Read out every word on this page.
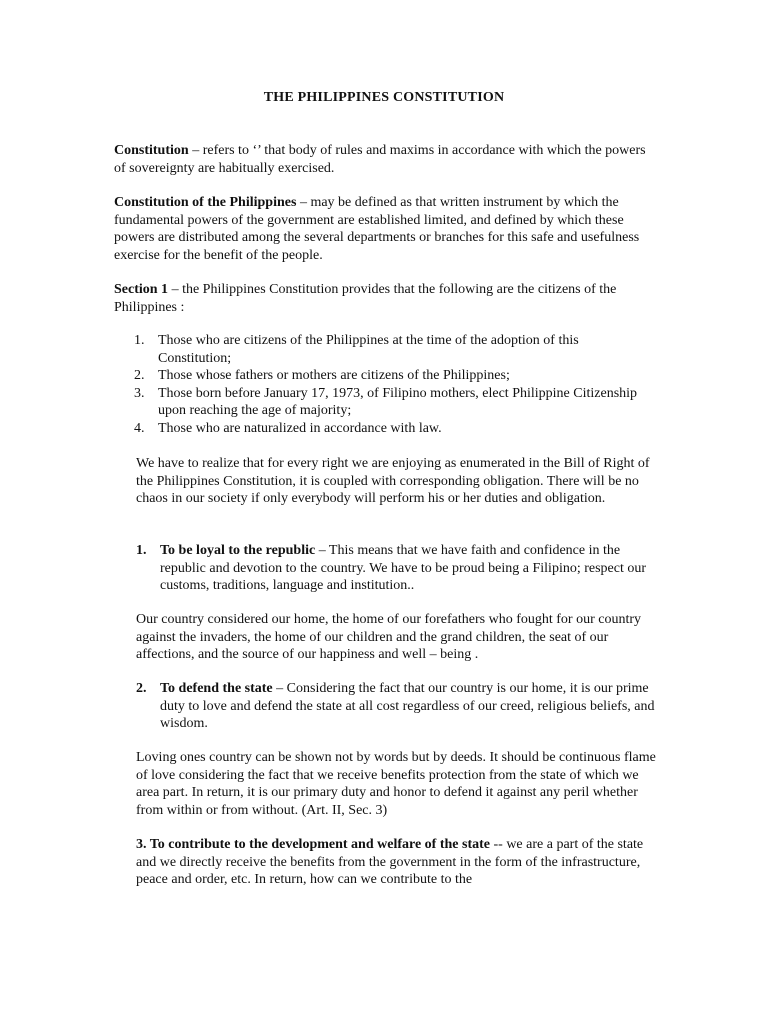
THE PHILIPPINES CONSTITUTION

Constitution – refers to ‘’ that body of rules and maxims in accordance with which the powers of sovereignty are habitually exercised.

Constitution of the Philippines – may be defined as that written instrument by which the fundamental powers of the government are established limited, and defined by which these powers are distributed among the several departments or branches for this safe and usefulness exercise for the benefit of the people.

Section 1 – the Philippines Constitution provides that the following are the citizens of the Philippines :

1. Those who are citizens of the Philippines at the time of the adoption of this Constitution;
2. Those whose fathers or mothers are citizens of the Philippines;
3. Those born before January 17, 1973, of Filipino mothers, elect Philippine Citizenship upon reaching the age of majority;
4. Those who are naturalized in accordance with law.

We have to realize that for every right we are enjoying as enumerated in the Bill of Right of the Philippines Constitution, it is coupled with corresponding obligation. There will be no chaos in our society if only everybody will perform his or her duties and obligation.

1. To be loyal to the republic – This means that we have faith and confidence in the republic and devotion to the country. We have to be proud being a Filipino; respect our customs, traditions, language and institution..

Our country considered our home, the home of our forefathers who fought for our country against the invaders, the home of our children and the grand children, the seat of our affections, and the source of our happiness and well – being .

2. To defend the state – Considering the fact that our country is our home, it is our prime duty to love and defend the state at all cost regardless of our creed, religious beliefs, and wisdom.

Loving ones country can be shown not by words but by deeds. It should be continuous flame of love considering the fact that we receive benefits protection from the state of which we area part. In return, it is our primary duty and honor to defend it against any peril whether from within or from without. (Art. II, Sec. 3)

3. To contribute to the development and welfare of the state -- we are a part of the state and we directly receive the benefits from the government in the form of the infrastructure, peace and order, etc. In return, how can we contribute to the
